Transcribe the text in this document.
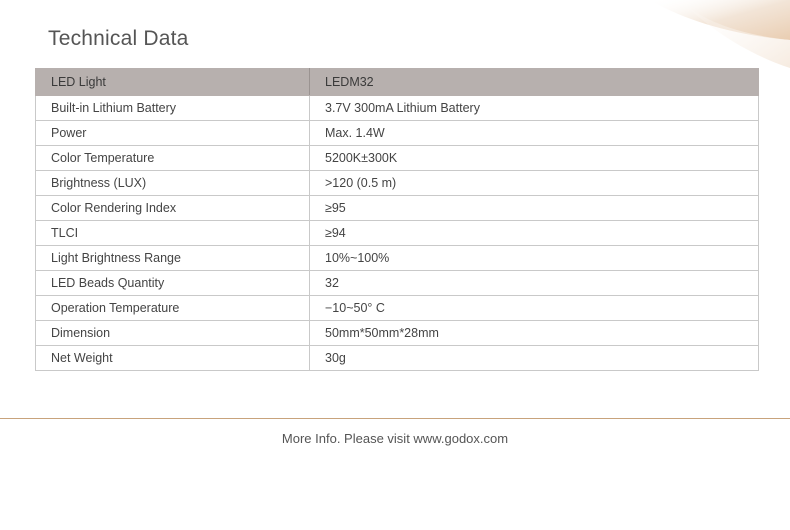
Technical Data
LED Light	LEDM32
Built-in Lithium Battery	3.7V 300mA Lithium Battery
Power	Max. 1.4W
Color Temperature	5200K±300K
Brightness (LUX)	>120 (0.5 m)
Color Rendering Index	≥95
TLCI	≥94
Light Brightness Range	10%~100%
LED Beads Quantity	32
Operation Temperature	−10~50° C
Dimension	50mm*50mm*28mm
Net Weight	30g

More Info. Please visit www.godox.com
